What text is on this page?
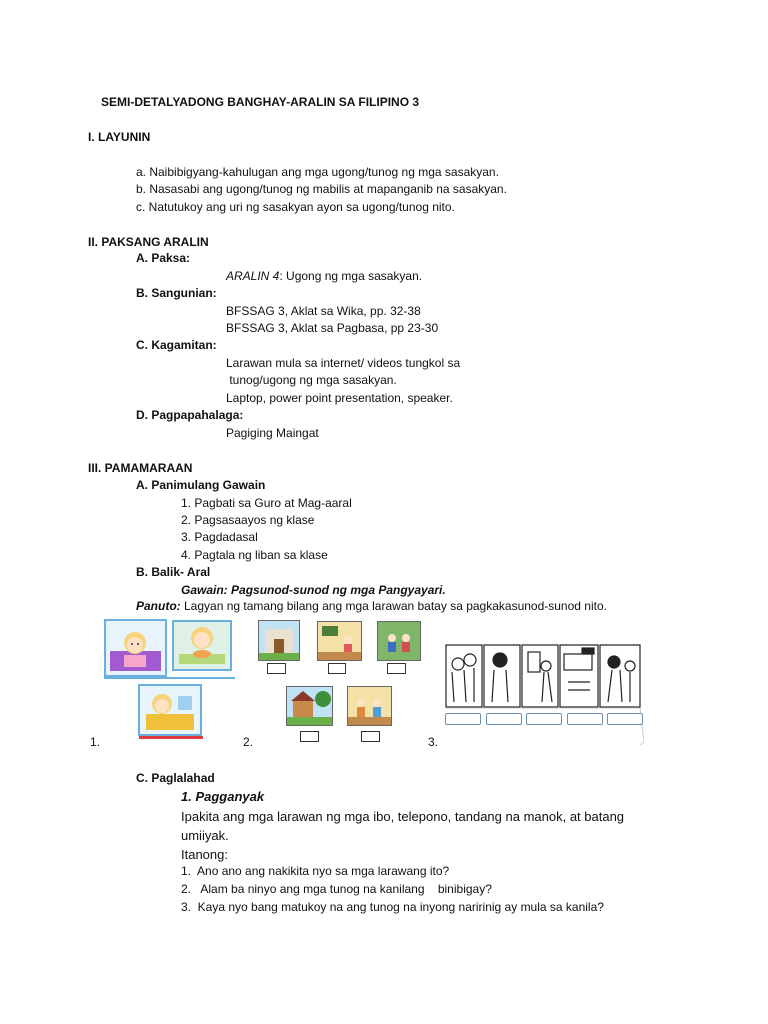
SEMI-DETALYADONG BANGHAY-ARALIN SA FILIPINO 3
I. LAYUNIN
a. Naibibigyang-kahulugan ang mga ugong/tunog ng mga sasakyan.
b. Nasasabi ang ugong/tunog ng mabilis at mapanganib na sasakyan.
c. Natutukoy ang uri ng sasakyan ayon sa ugong/tunog nito.
II. PAKSANG ARALIN
A. Paksa:
ARALIN 4: Ugong ng mga sasakyan.
B. Sangunian:
BFSSAG 3, Aklat sa Wika, pp. 32-38
BFSSAG 3, Aklat sa Pagbasa, pp 23-30
C. Kagamitan:
Larawan mula sa internet/ videos tungkol sa
tunog/ugong ng mga sasakyan.
Laptop, power point presentation, speaker.
D. Pagpapahalaga:
Pagiging Maingat
III. PAMAMARAAN
A. Panimulang Gawain
1. Pagbati sa Guro at Mag-aaral
2. Pagsasaayos ng klase
3. Pagdadasal
4. Pagtala ng liban sa klase
B. Balik- Aral
Gawain: Pagsunod-sunod ng mga Pangyayari.
Panuto: Lagyan ng tamang bilang ang mga larawan batay sa pagkakasunod-sunod nito.
1.	2.	3.
C. Paglalahad
1. Pagganyak
Ipakita ang mga larawan ng mga ibo, telepono, tandang na manok, at batang
umiiyak.
Itanong:
1.  Ano ano ang nakikita nyo sa mga larawang ito?
2.   Alam ba ninyo ang mga tunog na kanilang    binibigay?
3.  Kaya nyo bang matukoy na ang tunog na inyong naririnig ay mula sa kanila?
